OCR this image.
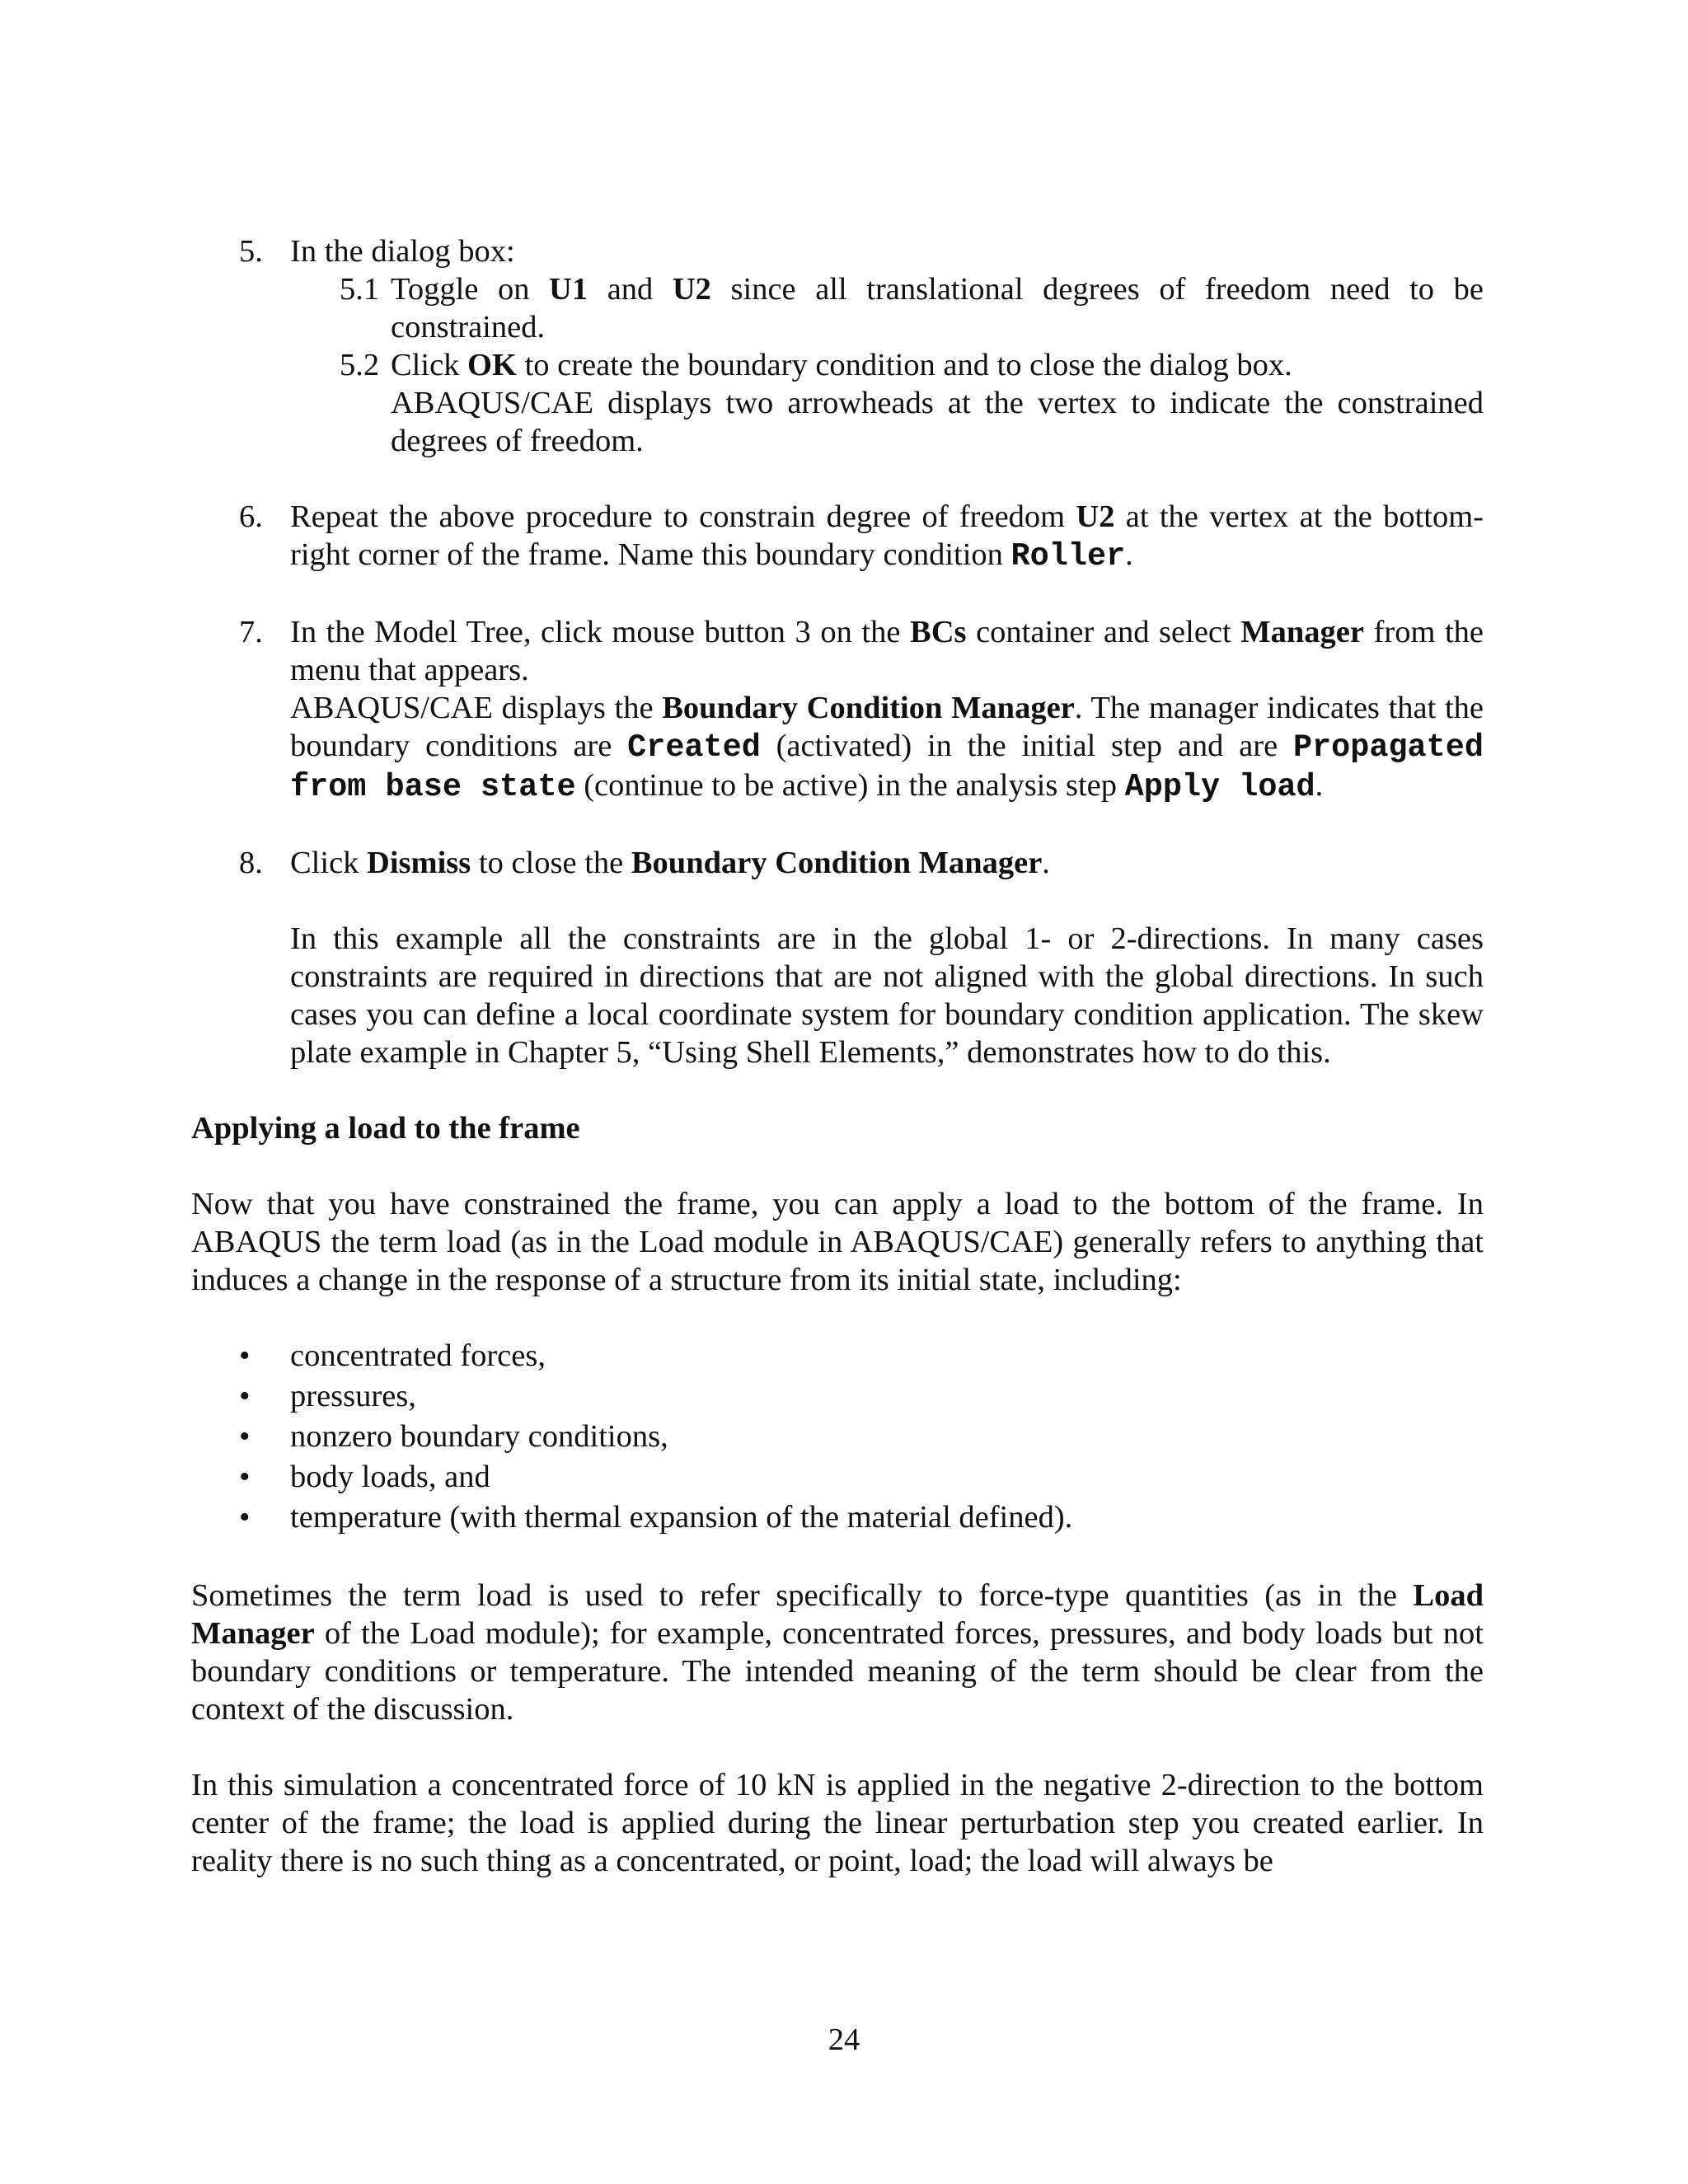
5. In the dialog box:

5.1 Toggle on U1 and U2 since all translational degrees of freedom need to be constrained.

5.2 Click OK to create the boundary condition and to close the dialog box.

ABAQUS/CAE displays two arrowheads at the vertex to indicate the constrained degrees of freedom.

6. Repeat the above procedure to constrain degree of freedom U2 at the vertex at the bottom-right corner of the frame. Name this boundary condition Roller.

7. In the Model Tree, click mouse button 3 on the BCs container and select Manager from the menu that appears.

ABAQUS/CAE displays the Boundary Condition Manager. The manager indicates that the boundary conditions are Created (activated) in the initial step and are Propagated from base state (continue to be active) in the analysis step Apply load.

8. Click Dismiss to close the Boundary Condition Manager.

In this example all the constraints are in the global 1- or 2-directions. In many cases constraints are required in directions that are not aligned with the global directions. In such cases you can define a local coordinate system for boundary condition application. The skew plate example in Chapter 5, “Using Shell Elements,” demonstrates how to do this.

Applying a load to the frame

Now that you have constrained the frame, you can apply a load to the bottom of the frame. In ABAQUS the term load (as in the Load module in ABAQUS/CAE) generally refers to anything that induces a change in the response of a structure from its initial state, including:

• concentrated forces,
• pressures,
• nonzero boundary conditions,
• body loads, and
• temperature (with thermal expansion of the material defined).

Sometimes the term load is used to refer specifically to force-type quantities (as in the Load Manager of the Load module); for example, concentrated forces, pressures, and body loads but not boundary conditions or temperature. The intended meaning of the term should be clear from the context of the discussion.

In this simulation a concentrated force of 10 kN is applied in the negative 2-direction to the bottom center of the frame; the load is applied during the linear perturbation step you created earlier. In reality there is no such thing as a concentrated, or point, load; the load will always be

24
